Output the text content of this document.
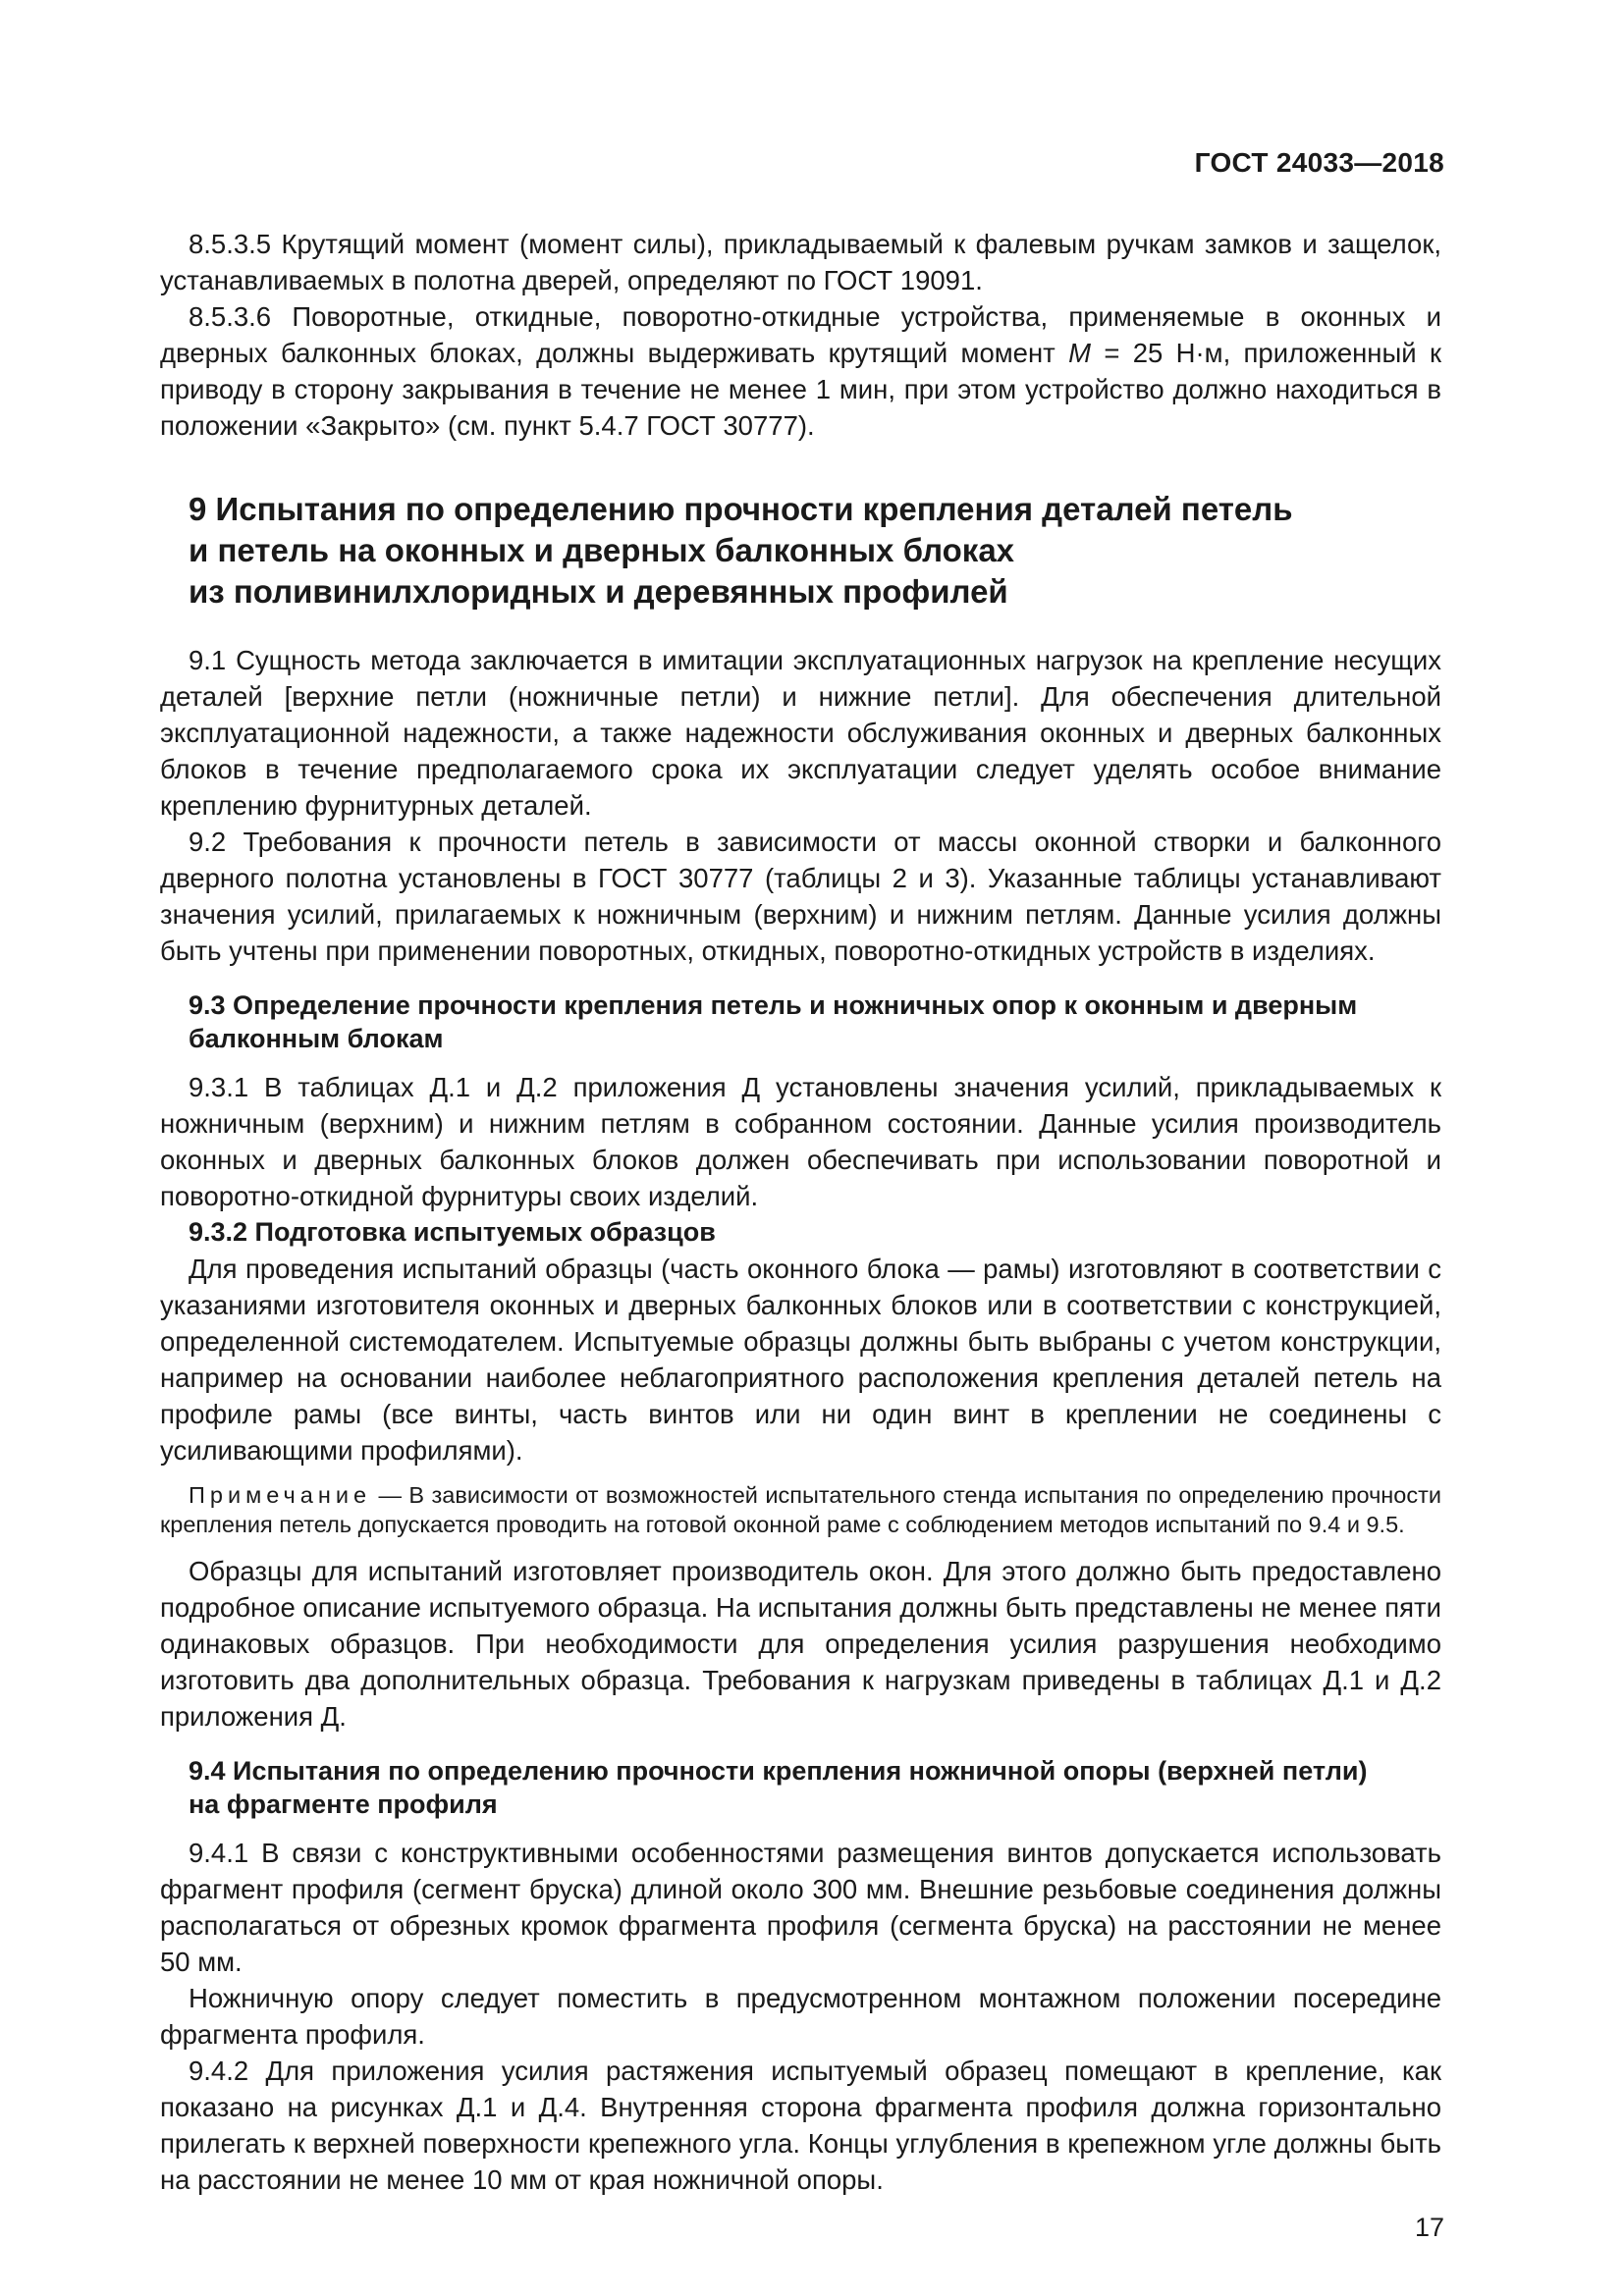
ГОСТ 24033—2018

8.5.3.5 Крутящий момент (момент силы), прикладываемый к фалевым ручкам замков и защелок, устанавливаемых в полотна дверей, определяют по ГОСТ 19091.

8.5.3.6 Поворотные, откидные, поворотно-откидные устройства, применяемые в оконных и дверных балконных блоках, должны выдерживать крутящий момент M = 25 Н·м, приложенный к приводу в сторону закрывания в течение не менее 1 мин, при этом устройство должно находиться в положении «Закрыто» (см. пункт 5.4.7 ГОСТ 30777).

9 Испытания по определению прочности крепления деталей петель
и петель на оконных и дверных балконных блоках
из поливинилхлоридных и деревянных профилей

9.1 Сущность метода заключается в имитации эксплуатационных нагрузок на крепление несущих деталей [верхние петли (ножничные петли) и нижние петли]. Для обеспечения длительной эксплуатационной надежности, а также надежности обслуживания оконных и дверных балконных блоков в течение предполагаемого срока их эксплуатации следует уделять особое внимание креплению фурнитурных деталей.

9.2 Требования к прочности петель в зависимости от массы оконной створки и балконного дверного полотна установлены в ГОСТ 30777 (таблицы 2 и 3). Указанные таблицы устанавливают значения усилий, прилагаемых к ножничным (верхним) и нижним петлям. Данные усилия должны быть учтены при применении поворотных, откидных, поворотно-откидных устройств в изделиях.

9.3 Определение прочности крепления петель и ножничных опор к оконным и дверным
балконным блокам

9.3.1 В таблицах Д.1 и Д.2 приложения Д установлены значения усилий, прикладываемых к ножничным (верхним) и нижним петлям в собранном состоянии. Данные усилия производитель оконных и дверных балконных блоков должен обеспечивать при использовании поворотной и поворотно-откидной фурнитуры своих изделий.

9.3.2 Подготовка испытуемых образцов

Для проведения испытаний образцы (часть оконного блока — рамы) изготовляют в соответствии с указаниями изготовителя оконных и дверных балконных блоков или в соответствии с конструкцией, определенной системодателем. Испытуемые образцы должны быть выбраны с учетом конструкции, например на основании наиболее неблагоприятного расположения крепления деталей петель на профиле рамы (все винты, часть винтов или ни один винт в креплении не соединены с усиливающими профилями).

Примечание — В зависимости от возможностей испытательного стенда испытания по определению прочности крепления петель допускается проводить на готовой оконной раме с соблюдением методов испытаний по 9.4 и 9.5.

Образцы для испытаний изготовляет производитель окон. Для этого должно быть предоставлено подробное описание испытуемого образца. На испытания должны быть представлены не менее пяти одинаковых образцов. При необходимости для определения усилия разрушения необходимо изготовить два дополнительных образца. Требования к нагрузкам приведены в таблицах Д.1 и Д.2 приложения Д.

9.4 Испытания по определению прочности крепления ножничной опоры (верхней петли)
на фрагменте профиля

9.4.1 В связи с конструктивными особенностями размещения винтов допускается использовать фрагмент профиля (сегмент бруска) длиной около 300 мм. Внешние резьбовые соединения должны располагаться от обрезных кромок фрагмента профиля (сегмента бруска) на расстоянии не менее 50 мм.

Ножничную опору следует поместить в предусмотренном монтажном положении посередине фрагмента профиля.

9.4.2 Для приложения усилия растяжения испытуемый образец помещают в крепление, как показано на рисунках Д.1 и Д.4. Внутренняя сторона фрагмента профиля должна горизонтально прилегать к верхней поверхности крепежного угла. Концы углубления в крепежном угле должны быть на расстоянии не менее 10 мм от края ножничной опоры.

17
